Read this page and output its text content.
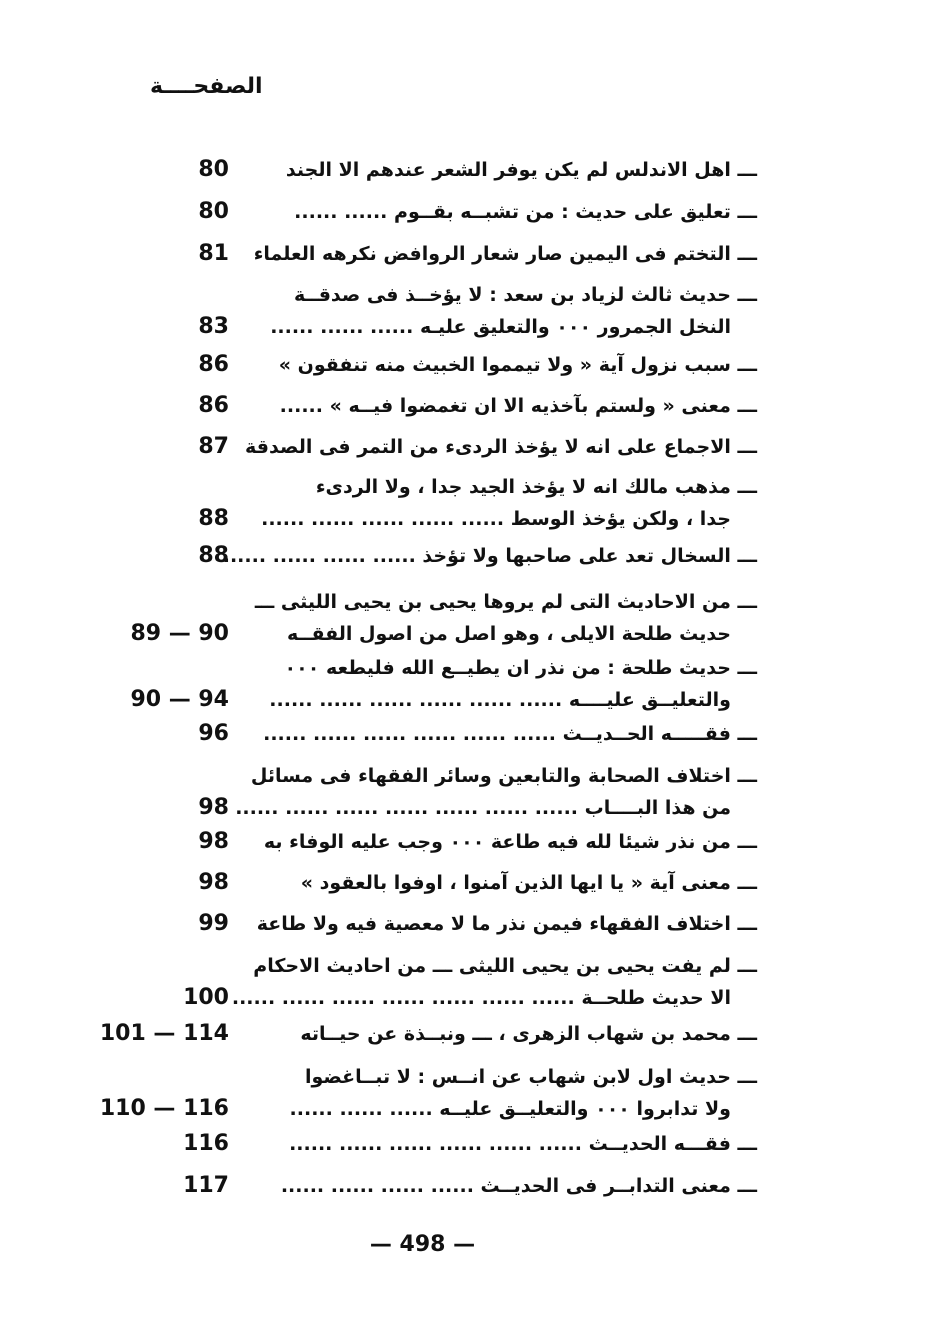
الصفحــــة
ـــ اهل الاندلس لم يكن يوفر الشعر عندهم الا الجند
80
ـــ تعليق على حديث : من تشبــه بقــوم ...... ......
80
ـــ التختم فى اليمين صار شعار الروافض نكرهه العلماء
81
ـــ حديث ثالث لزياد بن سعد : لا يؤخــذ فى صدقــة
النخل الجمرور ۰۰۰ والتعليق عليـه ...... ...... ......
83
ـــ سبب نزول آية « ولا تيمموا الخبيث منه تنفقون »
86
ـــ معنى « ولستم بآخذيه الا ان تغمضوا فيــه » ......
86
ـــ الاجماع على انه لا يؤخذ الردىء من التمر فى الصدقة
87
ـــ مذهب مالك انه لا يؤخذ الجيد جدا ، ولا الردىء
جدا ، ولكن يؤخذ الوسط ...... ...... ...... ...... ......
88
ـــ السخال تعد على صاحبها ولا تؤخذ ...... ...... ...... ......
88
ـــ من الاحاديث التى لم يروها يحيى بن يحيى الليثى ـــ
حديث طلحة الايلى ، وهو اصل من اصول الفقــه
89 — 90
ـــ حديث طلحة : من نذر ان يطيــع الله فليطعه ۰۰۰
والتعليــق عليــــه ...... ...... ...... ...... ...... ......
90 — 94
ـــ فقـــــه الحــديــث ...... ...... ...... ...... ...... ......
96
ـــ اختلاف الصحابة والتابعين وسائر الفقهاء فى مسائل
من هذا البــــاب ...... ...... ...... ...... ...... ...... ......
98
ـــ من نذر شيئا لله فيه طاعة ۰۰۰ وجب عليه الوفاء به
98
ـــ معنى آية « يا ايها الذين آمنوا ، اوفوا بالعقود »
98
ـــ اختلاف الفقهاء فيمن نذر ما لا معصية فيه ولا طاعة
99
ـــ لم يفت يحيى بن يحيى الليثى ـــ من احاديث الاحكام
الا حديث طلحــة ...... ...... ...... ...... ...... ...... ......
100
ـــ محمد بن شهاب الزهرى ، ـــ ونبــذة عن حيــاته
101 — 114
ـــ حديث اول لابن شهاب عن انــس : لا تبــاغضوا
ولا تدابروا ۰۰۰ والتعليــق عليــه ...... ...... ......
110 — 116
ـــ فقـــه الحديــث ...... ...... ...... ...... ...... ......
116
ـــ معنى التدابــر فى الحديــث ...... ...... ...... ......
117
— 498 —
